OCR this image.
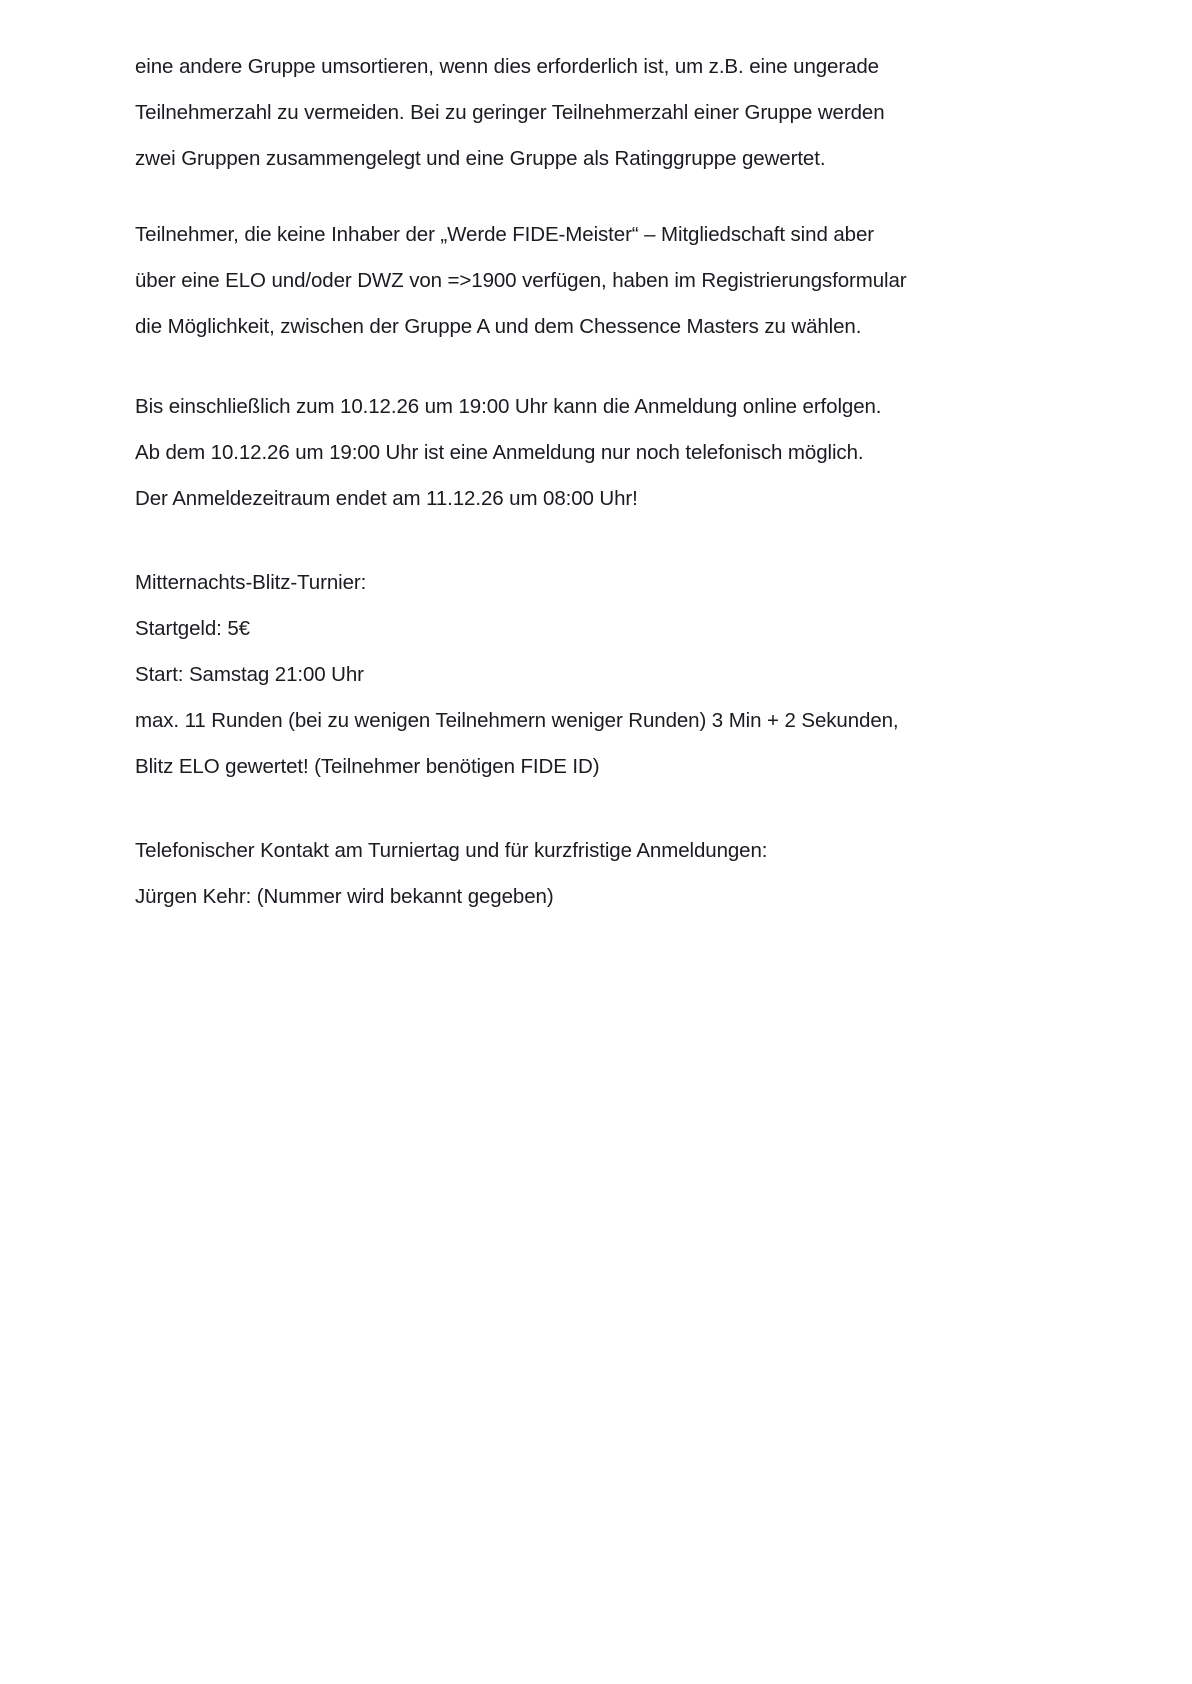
eine andere Gruppe umsortieren, wenn dies erforderlich ist, um z.B. eine ungerade
Teilnehmerzahl zu vermeiden. Bei zu geringer Teilnehmerzahl einer Gruppe werden
zwei Gruppen zusammengelegt und eine Gruppe als Ratinggruppe gewertet.

Teilnehmer, die keine Inhaber der „Werde FIDE-Meister“ – Mitgliedschaft sind aber
über eine ELO und/oder DWZ von =>1900 verfügen, haben im Registrierungsformular
die Möglichkeit, zwischen der Gruppe A und dem Chessence Masters zu wählen.

Bis einschließlich zum 10.12.26 um 19:00 Uhr kann die Anmeldung online erfolgen.
Ab dem 10.12.26 um 19:00 Uhr ist eine Anmeldung nur noch telefonisch möglich.
Der Anmeldezeitraum endet am 11.12.26 um 08:00 Uhr!

Mitternachts-Blitz-Turnier:
Startgeld: 5€
Start: Samstag 21:00 Uhr
max. 11 Runden (bei zu wenigen Teilnehmern weniger Runden) 3 Min + 2 Sekunden,
Blitz ELO gewertet! (Teilnehmer benötigen FIDE ID)

Telefonischer Kontakt am Turniertag und für kurzfristige Anmeldungen:
Jürgen Kehr: (Nummer wird bekannt gegeben)
